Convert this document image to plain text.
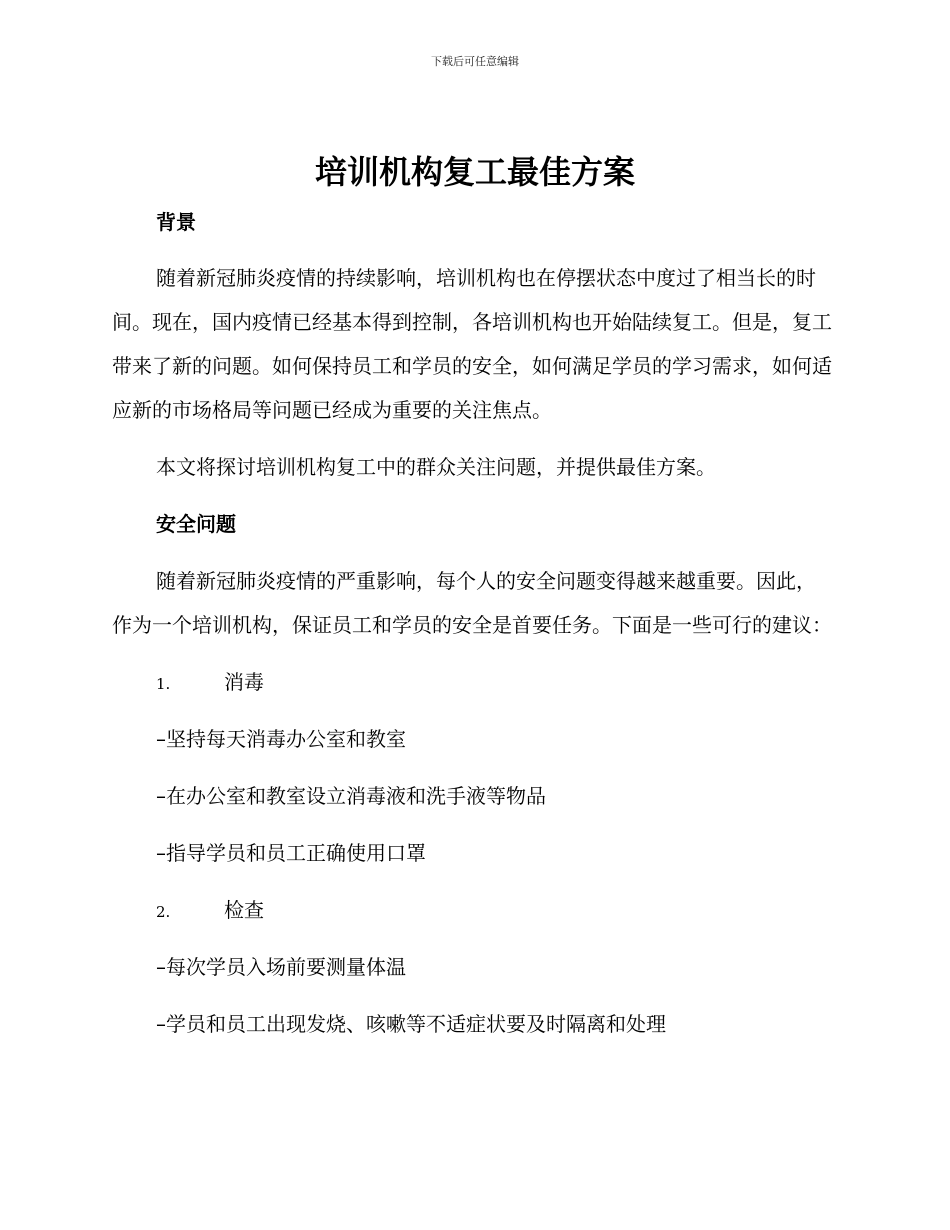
下载后可任意编辑
培训机构复工最佳方案
背景

随着新冠肺炎疫情的持续影响，培训机构也在停摆状态中度过了相当长的时间。现在，国内疫情已经基本得到控制，各培训机构也开始陆续复工。但是，复工带来了新的问题。如何保持员工和学员的安全，如何满足学员的学习需求，如何适应新的市场格局等问题已经成为重要的关注焦点。

本文将探讨培训机构复工中的群众关注问题，并提供最佳方案。

安全问题

随着新冠肺炎疫情的严重影响，每个人的安全问题变得越来越重要。因此，作为一个培训机构，保证员工和学员的安全是首要任务。下面是一些可行的建议：

1.	消毒
–坚持每天消毒办公室和教室
–在办公室和教室设立消毒液和洗手液等物品
–指导学员和员工正确使用口罩
2.	检查
–每次学员入场前要测量体温
–学员和员工出现发烧、咳嗽等不适症状要及时隔离和处理
